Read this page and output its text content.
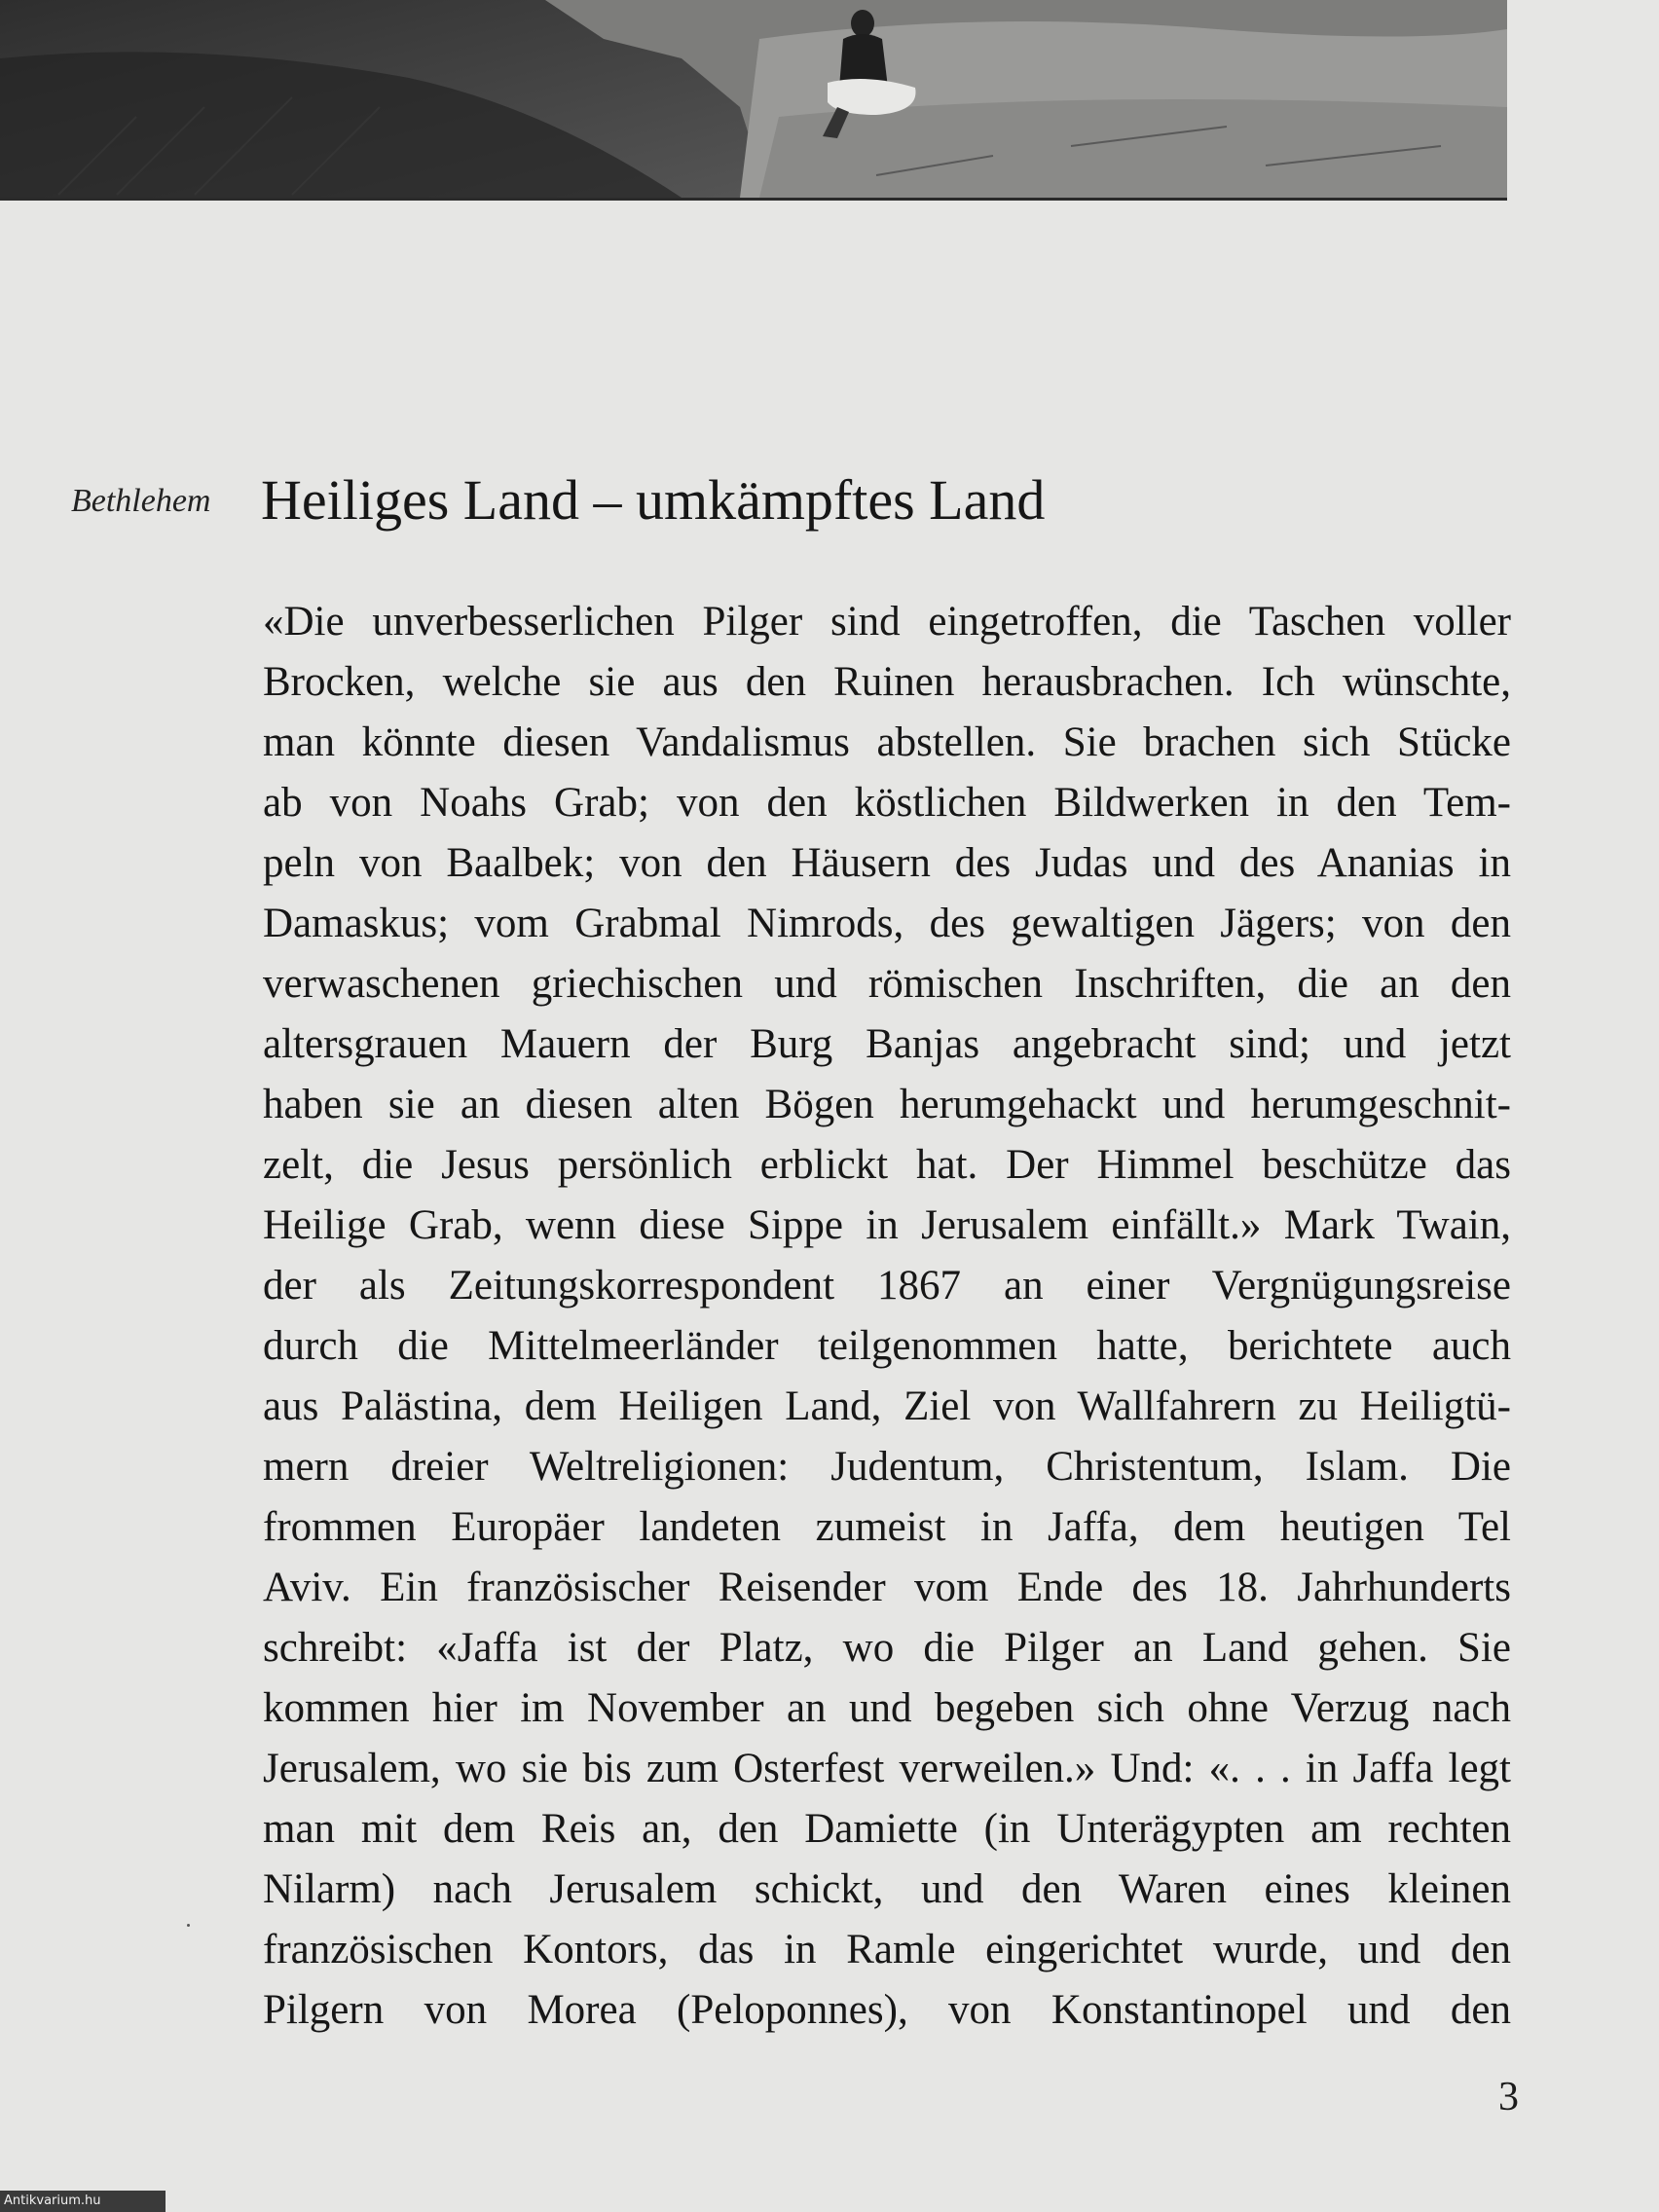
Bethlehem Heiliges Land – umkämpftes Land
«Die unverbesserlichen Pilger sind eingetroffen, die Taschen voller
Brocken, welche sie aus den Ruinen herausbrachen. Ich wünschte,
man könnte diesen Vandalismus abstellen. Sie brachen sich Stücke
ab von Noahs Grab; von den köstlichen Bildwerken in den Tem-
peln von Baalbek; von den Häusern des Judas und des Ananias in
Damaskus; vom Grabmal Nimrods, des gewaltigen Jägers; von den
verwaschenen griechischen und römischen Inschriften, die an den
altersgrauen Mauern der Burg Banjas angebracht sind; und jetzt
haben sie an diesen alten Bögen herumgehackt und herumgeschnit-
zelt, die Jesus persönlich erblickt hat. Der Himmel beschütze das
Heilige Grab, wenn diese Sippe in Jerusalem einfällt.» Mark Twain,
der als Zeitungskorrespondent 1867 an einer Vergnügungsreise
durch die Mittelmeerländer teilgenommen hatte, berichtete auch
aus Palästina, dem Heiligen Land, Ziel von Wallfahrern zu Heiligtü-
mern dreier Weltreligionen: Judentum, Christentum, Islam. Die
frommen Europäer landeten zumeist in Jaffa, dem heutigen Tel
Aviv. Ein französischer Reisender vom Ende des 18. Jahrhunderts
schreibt: «Jaffa ist der Platz, wo die Pilger an Land gehen. Sie
kommen hier im November an und begeben sich ohne Verzug nach
Jerusalem, wo sie bis zum Osterfest verweilen.» Und: «. . . in Jaffa legt
man mit dem Reis an, den Damiette (in Unterägypten am rechten
Nilarm) nach Jerusalem schickt, und den Waren eines kleinen
französischen Kontors, das in Ramle eingerichtet wurde, und den
Pilgern von Morea (Peloponnes), von Konstantinopel und den
3
Antikvarium.hu
